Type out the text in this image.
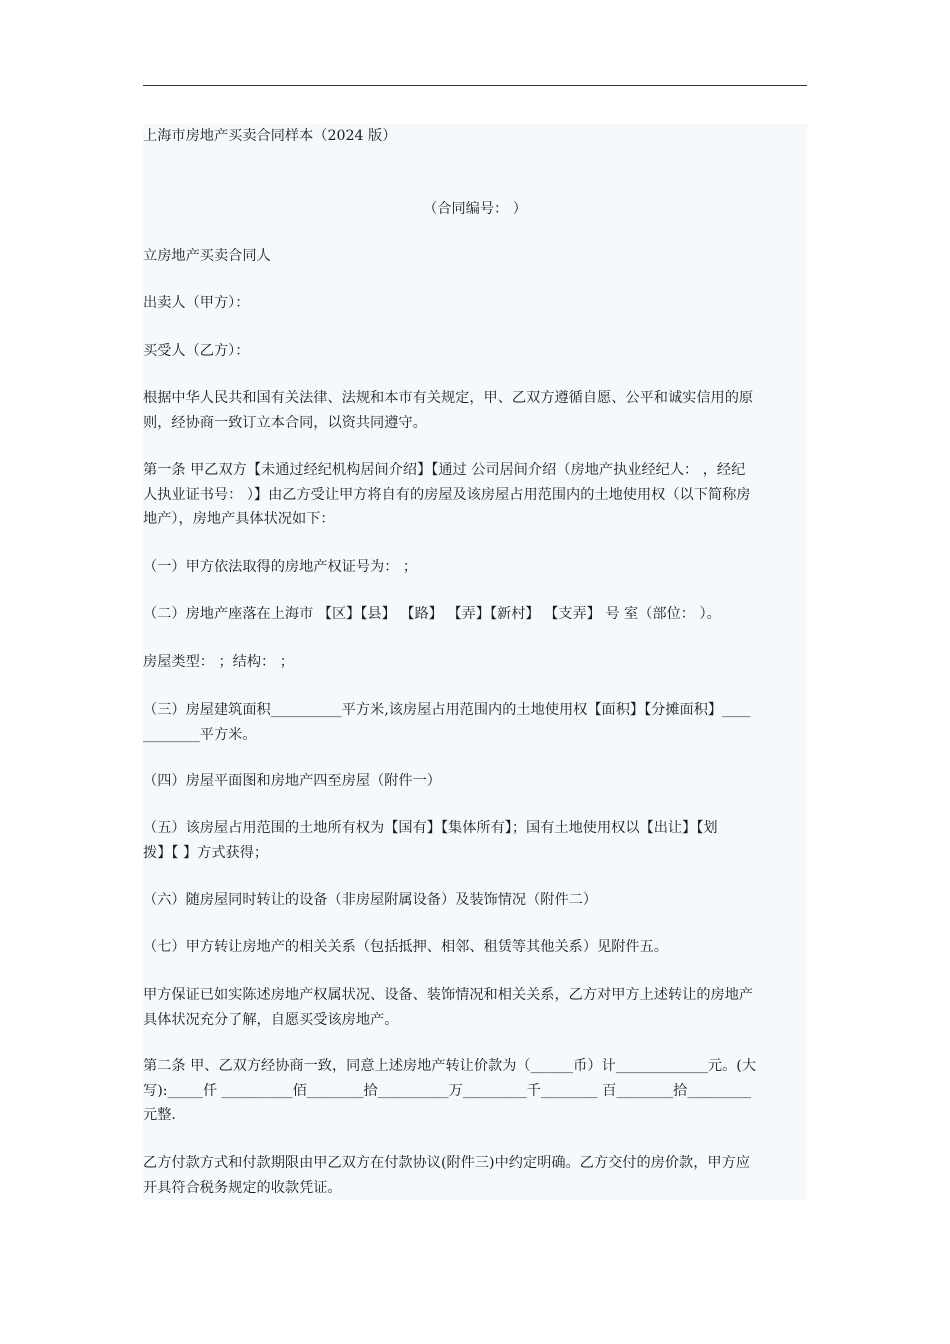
上海市房地产买卖合同样本（2024 版）

（合同编号： ）

立房地产买卖合同人

出卖人（甲方）：

买受人（乙方）：

根据中华人民共和国有关法律、法规和本市有关规定，甲、乙双方遵循自愿、公平和诚实信用的原
则，经协商一致订立本合同，以资共同遵守。
第一条 甲乙双方【未通过经纪机构居间介绍】【通过 公司居间介绍（房地产执业经纪人： ，经纪
人执业证书号： ）】由乙方受让甲方将自有的房屋及该房屋占用范围内的土地使用权（以下简称房
地产），房地产具体状况如下：

（一）甲方依法取得的房地产权证号为： ；

（二）房地产座落在上海市 【区】【县】 【路】 【弄】【新村】 【支弄】 号 室（部位： ）。

房屋类型： ；结构： ；

（三）房屋建筑面积__________平方米,该房屋占用范围内的土地使用权【面积】【分摊面积】____
________平方米。

（四）房屋平面图和房地产四至房屋（附件一）

（五）该房屋占用范围的土地所有权为【国有】【集体所有】；国有土地使用权以【出让】【划
拨】【 】方式获得；

（六）随房屋同时转让的设备（非房屋附属设备）及装饰情况（附件二）

（七）甲方转让房地产的相关关系（包括抵押、相邻、租赁等其他关系）见附件五。

甲方保证已如实陈述房地产权属状况、设备、装饰情况和相关关系，乙方对甲方上述转让的房地产
具体状况充分了解，自愿买受该房地产。
第二条 甲、乙双方经协商一致，同意上述房地产转让价款为（______币）计_____________元。(大
写):_____仟 __________佰________拾__________万_________千________ 百________拾_________
元整.
乙方付款方式和付款期限由甲乙双方在付款协议(附件三)中约定明确。乙方交付的房价款，甲方应
开具符合税务规定的收款凭证。
